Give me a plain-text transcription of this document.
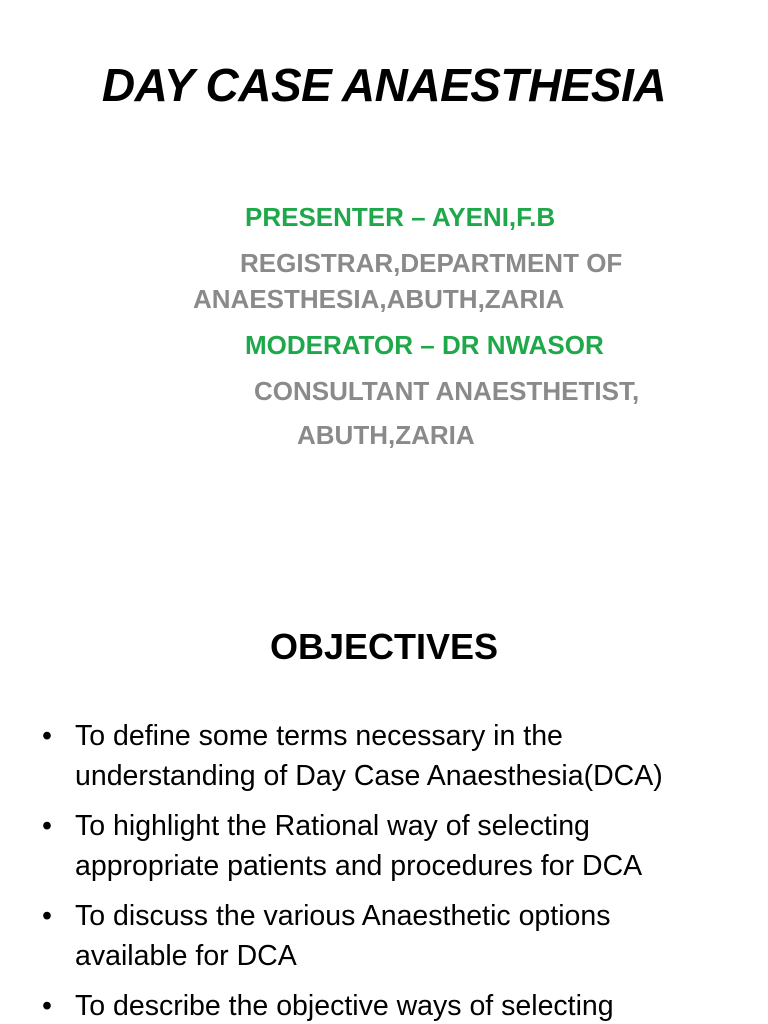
DAY CASE ANAESTHESIA
PRESENTER – AYENI,F.B
REGISTRAR,DEPARTMENT OF
ANAESTHESIA,ABUTH,ZARIA
MODERATOR – DR NWASOR
CONSULTANT ANAESTHETIST,
ABUTH,ZARIA
OBJECTIVES
• To define some terms necessary in the
understanding of Day Case Anaesthesia(DCA)
• To highlight the Rational way of selecting
appropriate patients and procedures for DCA
• To discuss the various Anaesthetic options
available for DCA
• To describe the objective ways of selecting
